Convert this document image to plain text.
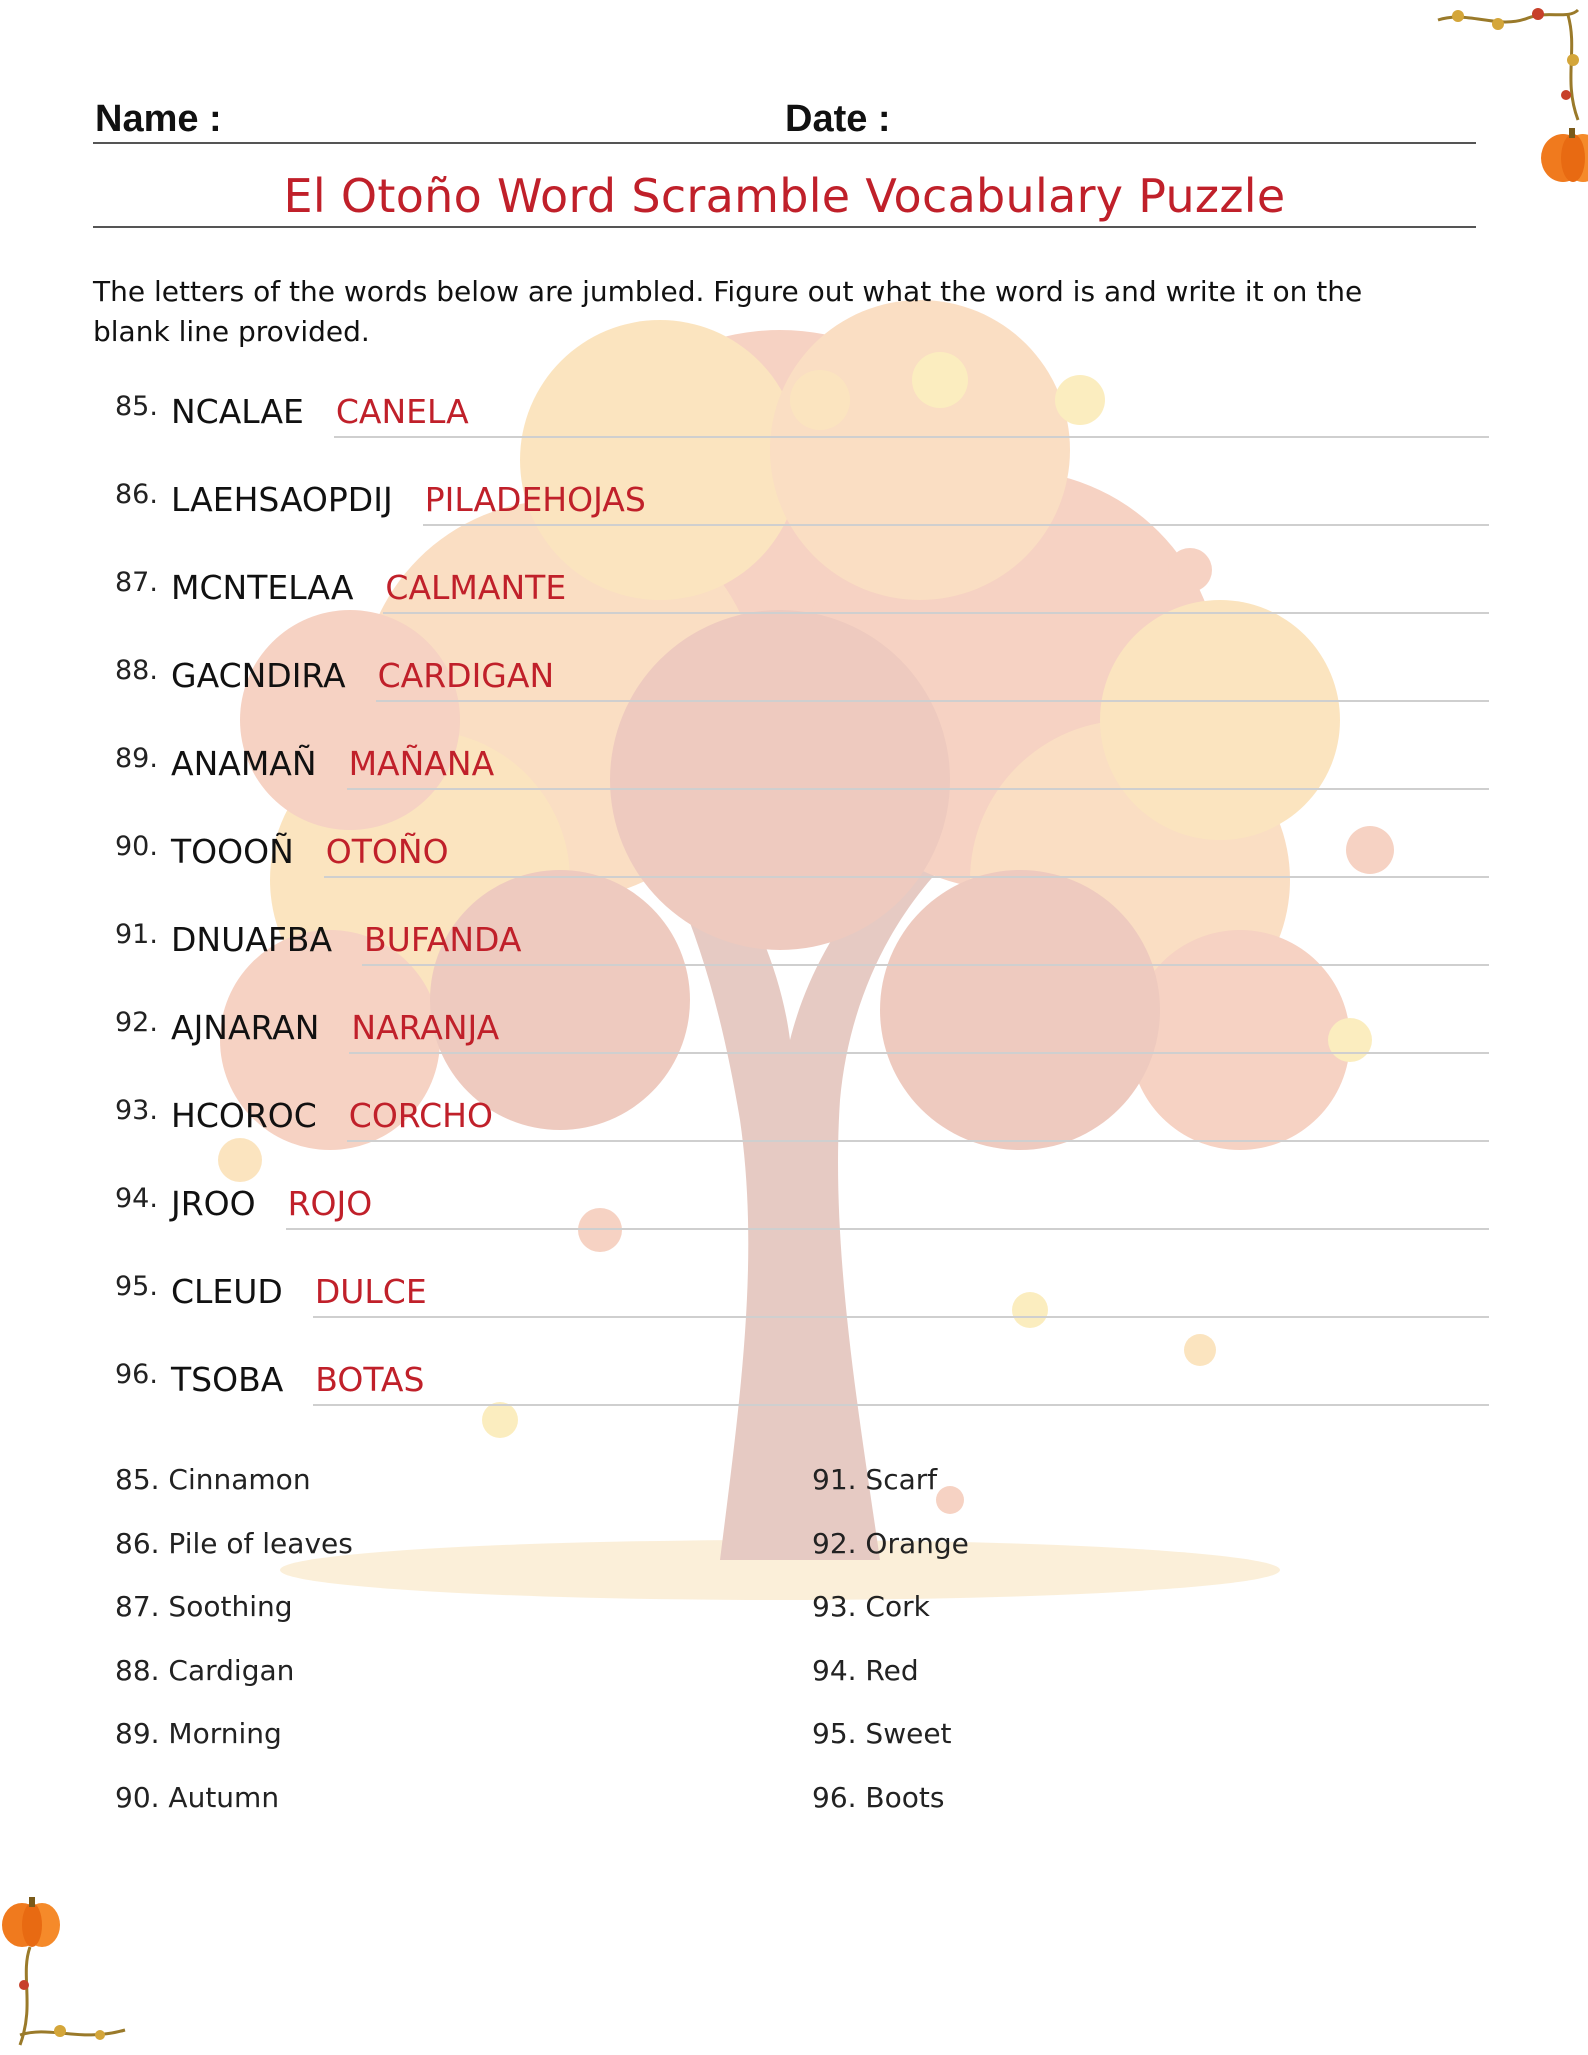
Name :	Date :
El Otoño Word Scramble Vocabulary Puzzle
The letters of the words below are jumbled. Figure out what the word is and write it on the blank line provided.
85. NCALAE CANELA
86. LAEHSAOPDIJ PILADEHOJAS
87. MCNTELAA CALMANTE
88. GACNDIRA CARDIGAN
89. ANAMAÑ MAÑANA
90. TOOOÑ OTOÑO
91. DNUAFBA BUFANDA
92. AJNARAN NARANJA
93. HCOROC CORCHO
94. JROO ROJO
95. CLEUD DULCE
96. TSOBA BOTAS
85. Cinnamon
86. Pile of leaves
87. Soothing
88. Cardigan
89. Morning
90. Autumn
91. Scarf
92. Orange
93. Cork
94. Red
95. Sweet
96. Boots
